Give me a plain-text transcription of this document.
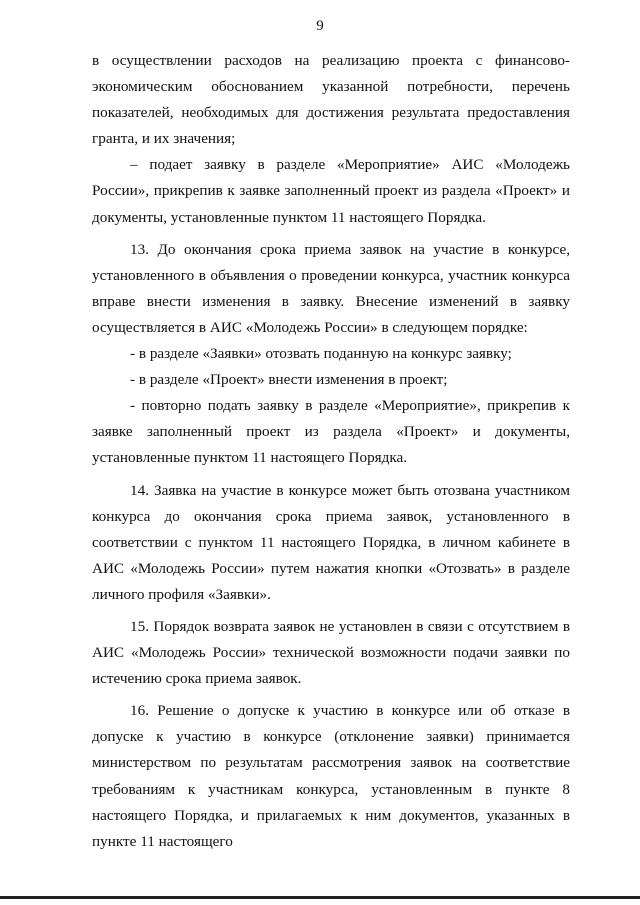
9

в осуществлении расходов на реализацию проекта с финансово-экономическим обоснованием указанной потребности, перечень показателей, необходимых для достижения результата предоставления гранта, и их значения;

– подает заявку в разделе «Мероприятие» АИС «Молодежь России», прикрепив к заявке заполненный проект из раздела «Проект» и документы, установленные пунктом 11 настоящего Порядка.

13. До окончания срока приема заявок на участие в конкурсе, установленного в объявления о проведении конкурса, участник конкурса вправе внести изменения в заявку. Внесение изменений в заявку осуществляется в АИС «Молодежь России» в следующем порядке:

- в разделе «Заявки» отозвать поданную на конкурс заявку;

- в разделе «Проект» внести изменения в проект;

- повторно подать заявку в разделе «Мероприятие», прикрепив к заявке заполненный проект из раздела «Проект» и документы, установленные пунктом 11 настоящего Порядка.

14. Заявка на участие в конкурсе может быть отозвана участником конкурса до окончания срока приема заявок, установленного в соответствии с пунктом 11 настоящего Порядка, в личном кабинете в АИС «Молодежь России» путем нажатия кнопки «Отозвать» в разделе личного профиля «Заявки».

15. Порядок возврата заявок не установлен в связи с отсутствием в АИС «Молодежь России» технической возможности подачи заявки по истечению срока приема заявок.

16. Решение о допуске к участию в конкурсе или об отказе в допуске к участию в конкурсе (отклонение заявки) принимается министерством по результатам рассмотрения заявок на соответствие требованиям к участникам конкурса, установленным в пункте 8 настоящего Порядка, и прилагаемых к ним документов, указанных в пункте 11 настоящего
